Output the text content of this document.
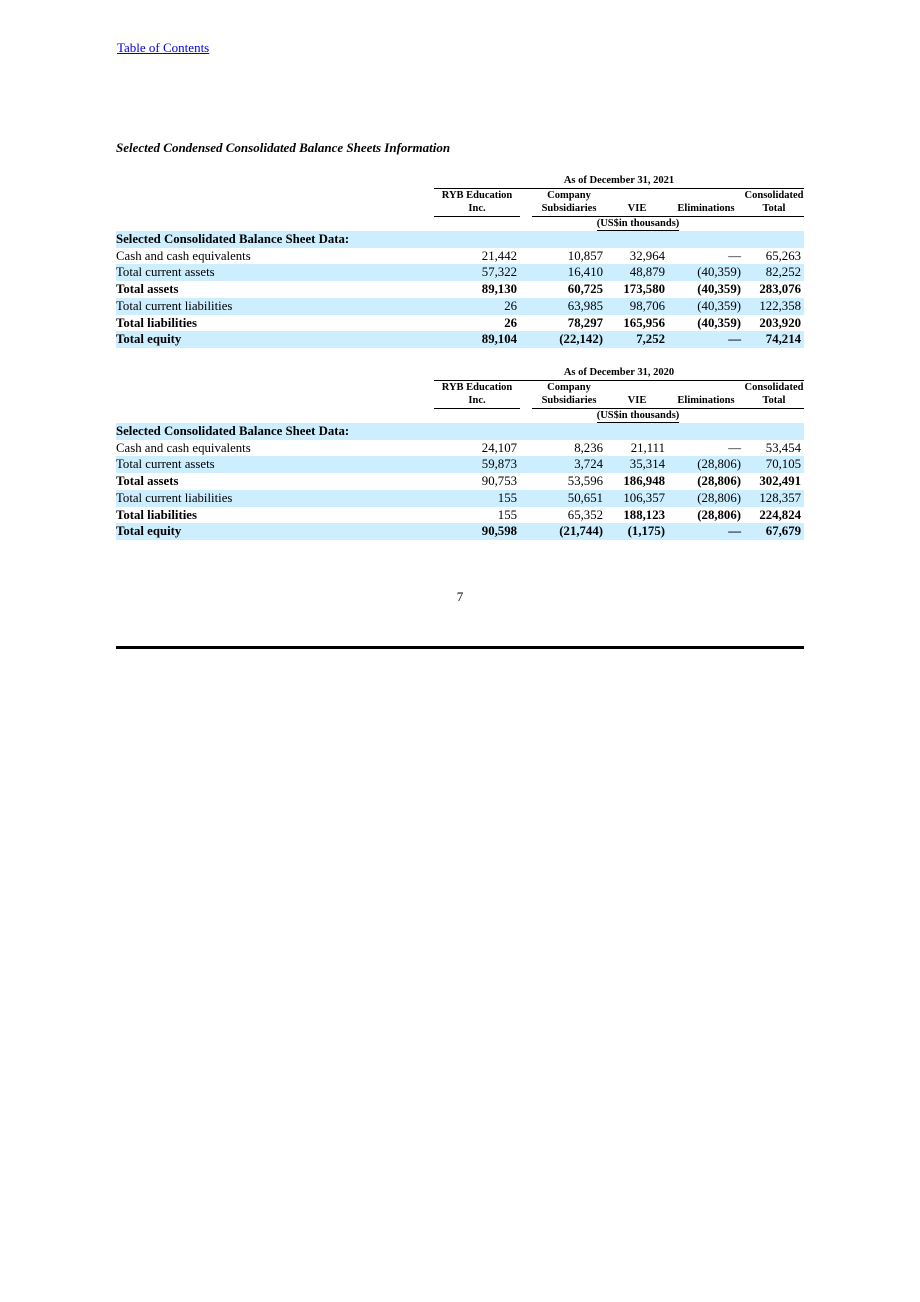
Table of Contents
Selected Condensed Consolidated Balance Sheets Information
	As of December 31, 2021					
	RYB Education
Inc.		Company
Subsidiaries	VIE	Eliminations	Consolidated
Total
			(US$in thousands)			
Selected Consolidated Balance Sheet Data:						
Cash and cash equivalents	21,442		10,857	32,964	—	65,263
Total current assets	57,322		16,410	48,879	(40,359)	82,252
Total assets	89,130		60,725	173,580	(40,359)	283,076
Total current liabilities	26		63,985	98,706	(40,359)	122,358
Total liabilities	26		78,297	165,956	(40,359)	203,920
Total equity	89,104		(22,142)	7,252	—	74,214
	As of December 31, 2020					
	RYB Education
Inc.		Company
Subsidiaries	VIE	Eliminations	Consolidated
Total
			(US$in thousands)			
Selected Consolidated Balance Sheet Data:						
Cash and cash equivalents	24,107		8,236	21,111	—	53,454
Total current assets	59,873		3,724	35,314	(28,806)	70,105
Total assets	90,753		53,596	186,948	(28,806)	302,491
Total current liabilities	155		50,651	106,357	(28,806)	128,357
Total liabilities	155		65,352	188,123	(28,806)	224,824
Total equity	90,598		(21,744)	(1,175)	—	67,679
7
